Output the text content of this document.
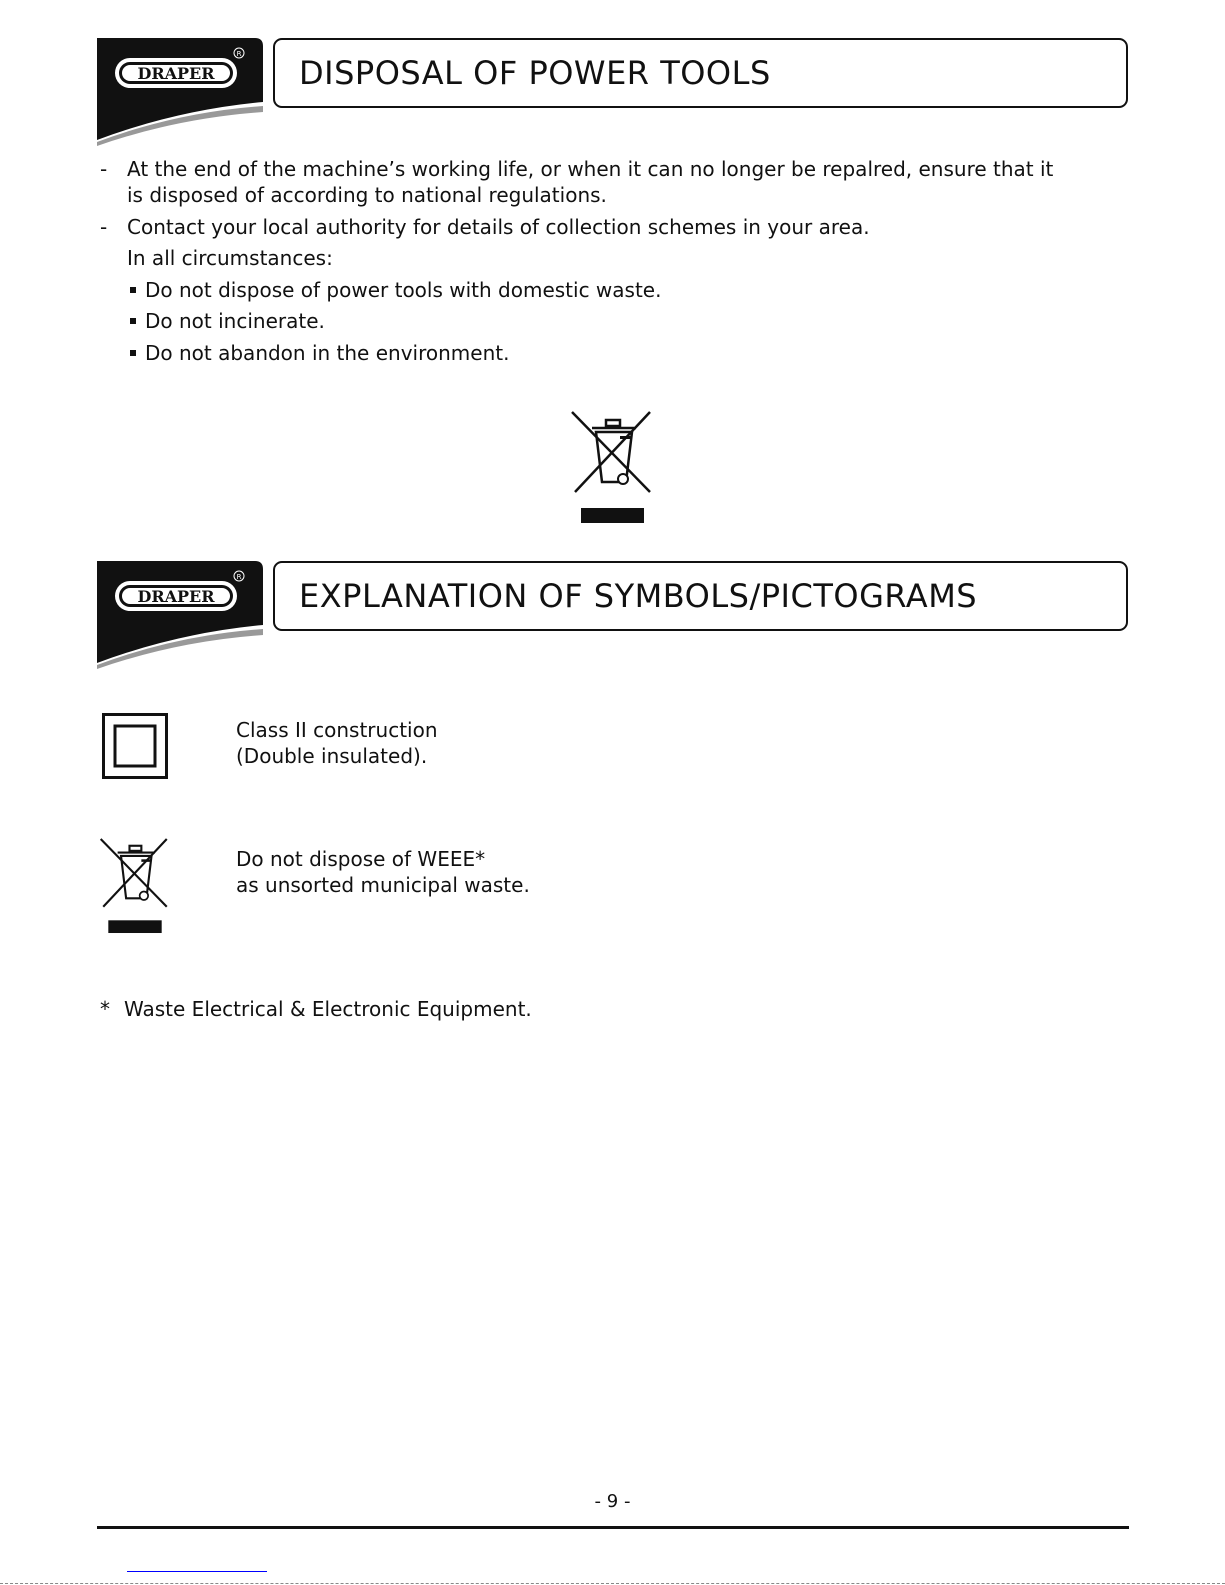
DRAPER
R DISPOSAL OF POWER TOOLS
- At the end of the machine’s working life, or when it can no longer be repalred, ensure that it
is disposed of according to national regulations.
- Contact your local authority for details of collection schemes in your area.
In all circumstances:
Do not dispose of power tools with domestic waste.
Do not incinerate.
Do not abandon in the environment.
DRAPER
R EXPLANATION OF SYMBOLS/PICTOGRAMS
Class II construction
(Double insulated).
Do not dispose of WEEE*
as unsorted municipal waste.
* Waste Electrical & Electronic Equipment.
- 9 -
